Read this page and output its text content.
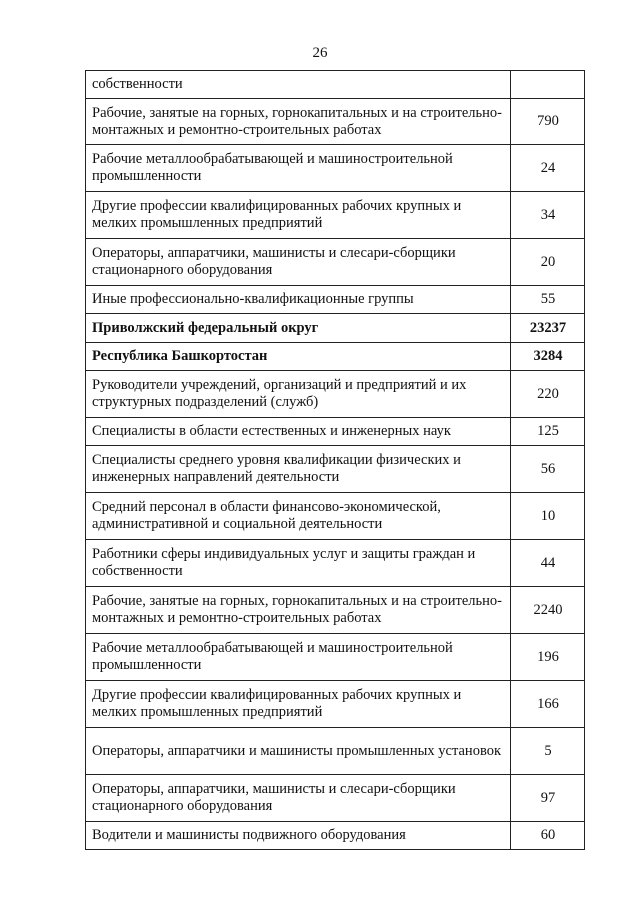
26
собственности	
Рабочие, занятые на горных, горнокапитальных и на строительно-монтажных и ремонтно-строительных работах	790
Рабочие металлообрабатывающей и машиностроительной промышленности	24
Другие профессии квалифицированных рабочих крупных и мелких промышленных предприятий	34
Операторы, аппаратчики, машинисты и слесари-сборщики стационарного оборудования	20
Иные профессионально-квалификационные группы	55
Приволжский федеральный округ	23237
Республика Башкортостан	3284
Руководители учреждений, организаций и предприятий и их структурных подразделений (служб)	220
Специалисты в области естественных и инженерных наук	125
Специалисты среднего уровня квалификации физических и инженерных направлений деятельности	56
Средний персонал в области финансово-экономической, административной и социальной деятельности	10
Работники сферы индивидуальных услуг и защиты граждан и собственности	44
Рабочие, занятые на горных, горнокапитальных и на строительно-монтажных и ремонтно-строительных работах	2240
Рабочие металлообрабатывающей и машиностроительной промышленности	196
Другие профессии квалифицированных рабочих крупных и мелких промышленных предприятий	166
Операторы, аппаратчики и машинисты промышленных установок	5
Операторы, аппаратчики, машинисты и слесари-сборщики стационарного оборудования	97
Водители и машинисты подвижного оборудования	60
